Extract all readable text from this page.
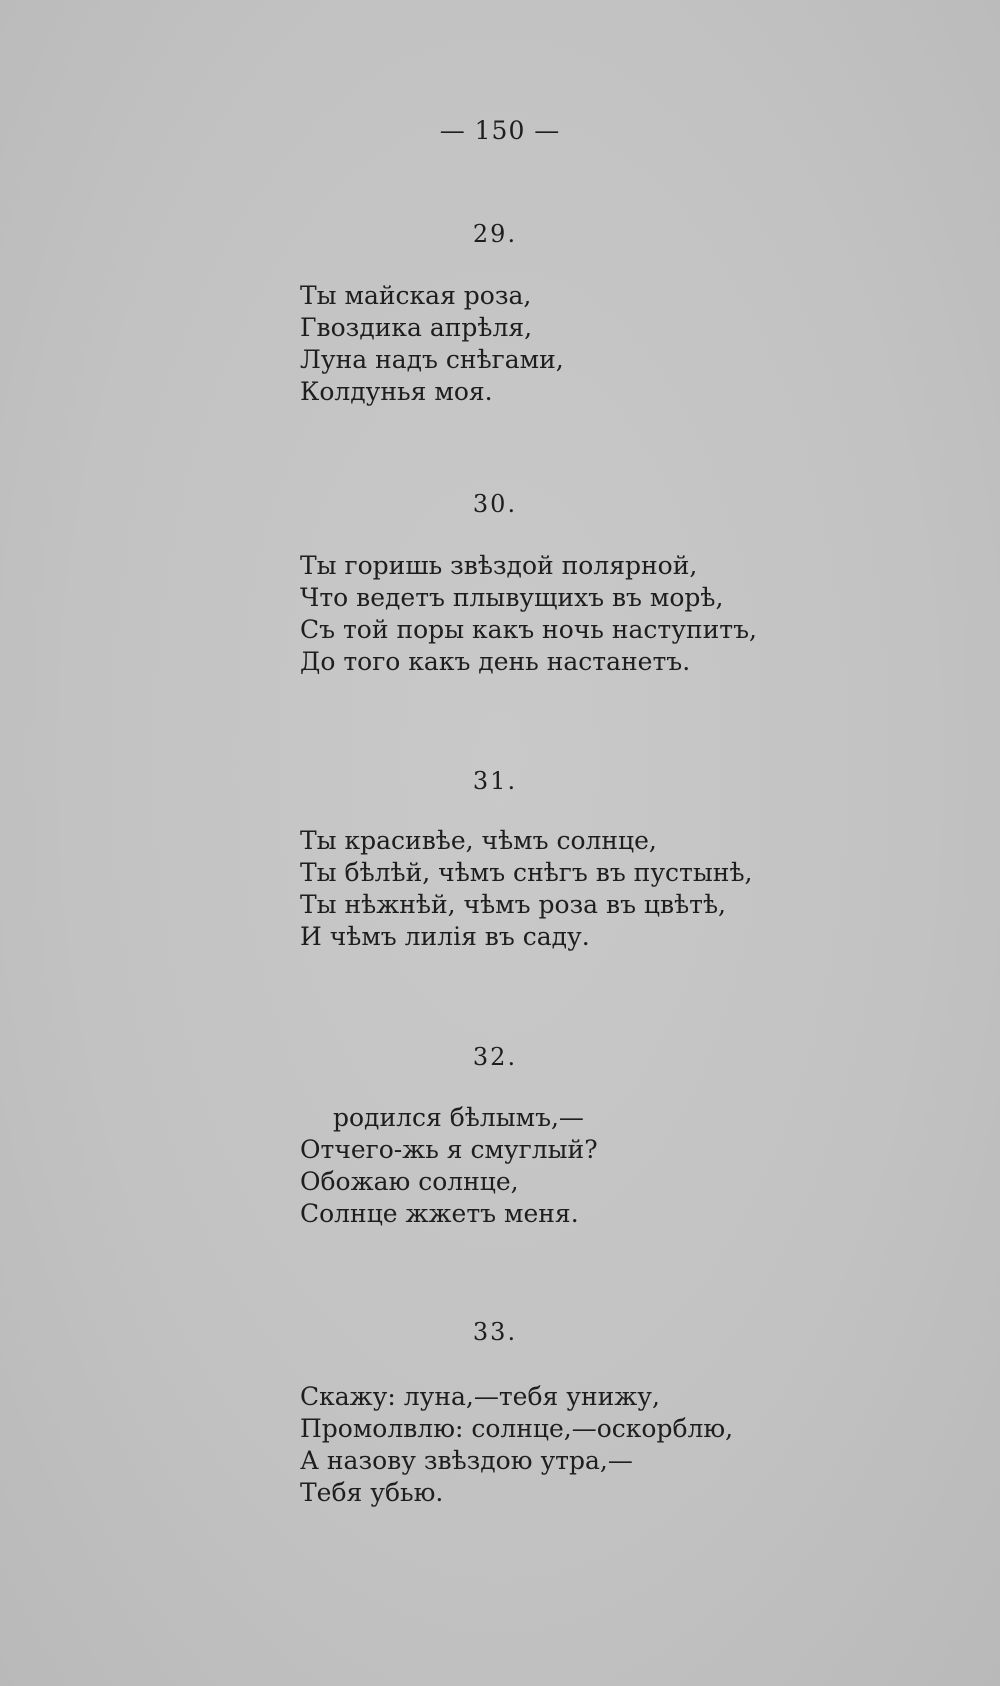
— 150 —
29.
Ты майская роза,
Гвоздика апрѣля,
Луна надъ снѣгами,
Колдунья моя.
30.
Ты горишь звѣздой полярной,
Что ведетъ плывущихъ въ морѣ,
Съ той поры какъ ночь наступитъ,
До того какъ день настанетъ.
31.
Ты красивѣе, чѣмъ солнце,
Ты бѣлѣй, чѣмъ снѣгъ въ пустынѣ,
Ты нѣжнѣй, чѣмъ роза въ цвѣтѣ,
И чѣмъ лилія въ саду.
32.
родился бѣлымъ,—
Отчего-жь я смуглый?
Обожаю солнце,
Солнце жжетъ меня.
33.
Скажу: луна,—тебя унижу,
Промолвлю: солнце,—оскорблю,
А назову звѣздою утра,—
Тебя убью.
